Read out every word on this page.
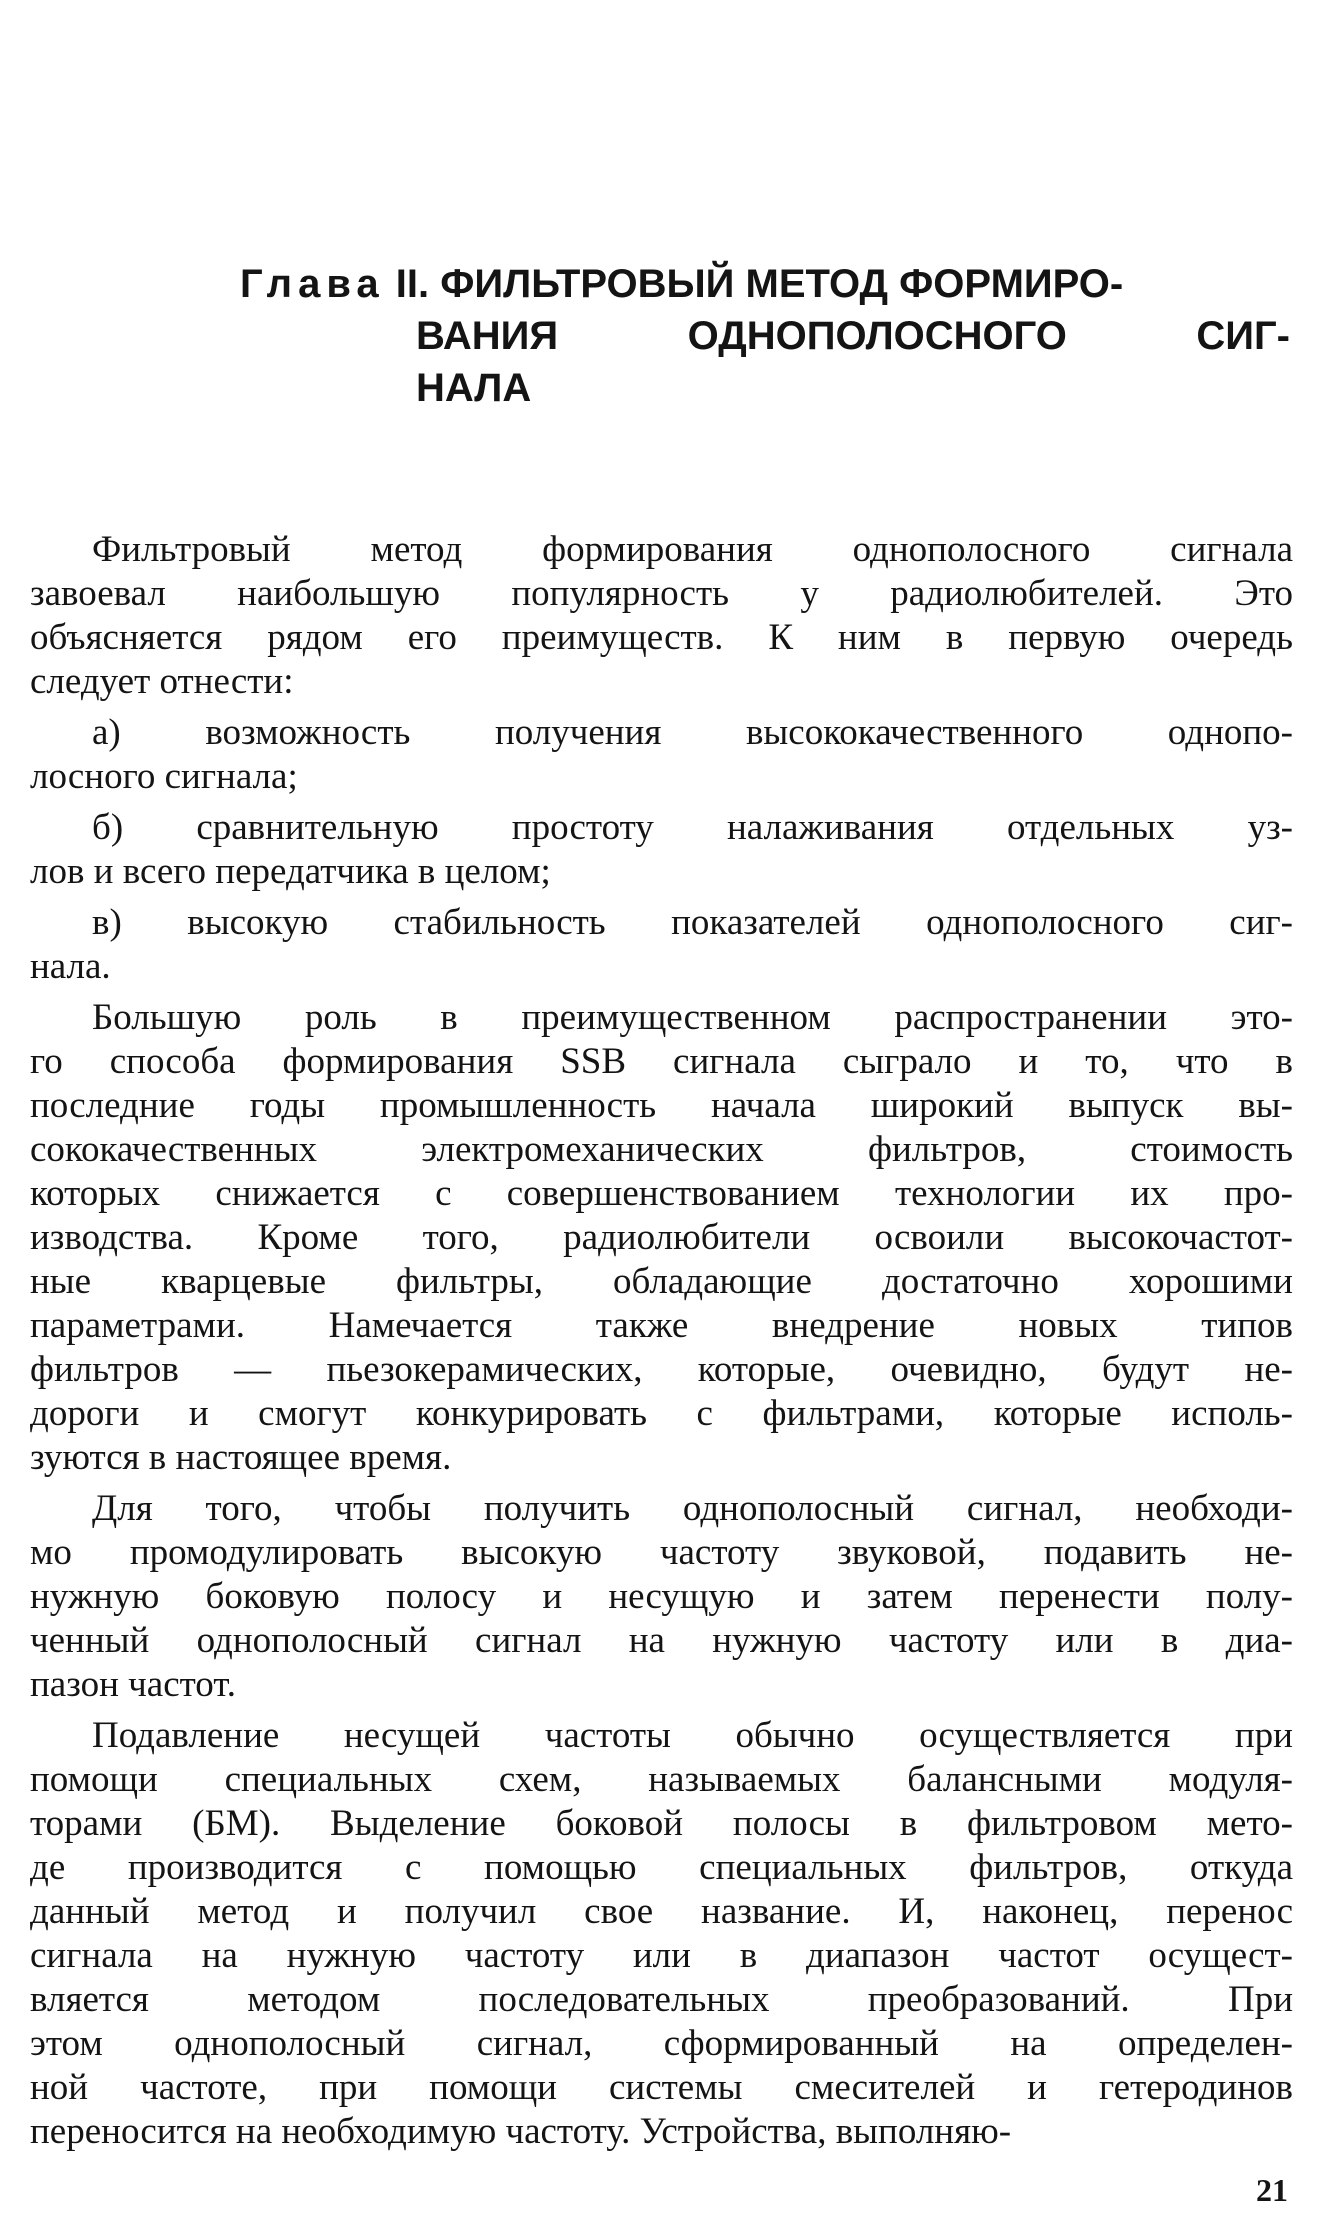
Глава II. ФИЛЬТРОВЫЙ МЕТОД ФОРМИРО-
ВАНИЯ	ОДНОПОЛОСНОГО	СИГ-
НАЛА
Фильтровый метод формирования однополосного сигнала
завоевал наибольшую популярность у радиолюбителей. Это
объясняется рядом его преимуществ. К ним в первую очередь
следует отнести:
а) возможность получения высококачественного однопо-
лосного сигнала;
б) сравнительную простоту налаживания отдельных уз-
лов и всего передатчика в целом;
в) высокую стабильность показателей однополосного сиг-
нала.
Большую роль в преимущественном распространении это-
го способа формирования SSB сигнала сыграло и то, что в
последние годы промышленность начала широкий выпуск вы-
сококачественных электромеханических фильтров, стоимость
которых снижается с совершенствованием технологии их про-
изводства. Кроме того, радиолюбители освоили высокочастот-
ные кварцевые фильтры, обладающие достаточно хорошими
параметрами. Намечается также внедрение новых типов
фильтров — пьезокерамических, которые, очевидно, будут не-
дороги и смогут конкурировать с фильтрами, которые исполь-
зуются в настоящее время.
Для того, чтобы получить однополосный сигнал, необходи-
мо промодулировать высокую частоту звуковой, подавить не-
нужную боковую полосу и несущую и затем перенести полу-
ченный однополосный сигнал на нужную частоту или в диа-
пазон частот.
Подавление несущей частоты обычно осуществляется при
помощи специальных схем, называемых балансными модуля-
торами (БМ). Выделение боковой полосы в фильтровом мето-
де производится с помощью специальных фильтров, откуда
данный метод и получил свое название. И, наконец, перенос
сигнала на нужную частоту или в диапазон частот осущест-
вляется методом последовательных преобразований. При
этом однополосный сигнал, сформированный на определен-
ной частоте, при помощи системы смесителей и гетеродинов
переносится на необходимую частоту. Устройства, выполняю-
21
